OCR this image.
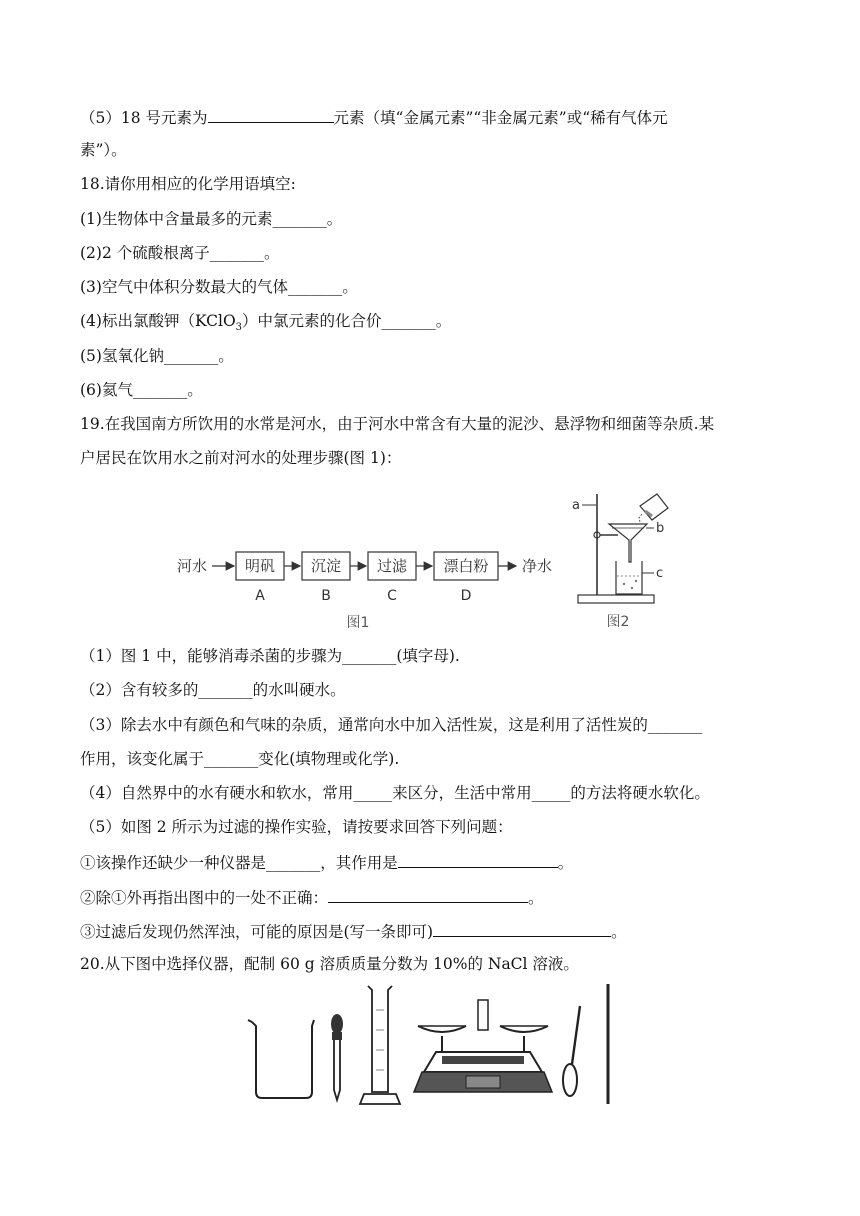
（5）18 号元素为	元素（填“金属元素”“非金属元素”或“稀有气体元
素”）。
18.请你用相应的化学用语填空:
(1)生物体中含量最多的元素_______。
(2)2 个硫酸根离子_______。
(3)空气中体积分数最大的气体_______。
(4)标出氯酸钾（KClO$_3$）中氯元素的化合价_______。
(5)氢氧化钠_______。
(6)氦气_______。
19.在我国南方所饮用的水常是河水，由于河水中常含有大量的泥沙、悬浮物和细菌等杂质.某
户居民在饮用水之前对河水的处理步骤(图 1)：
河水	明矾 沉淀 过滤 漂白粉 净水
A	B	C	D
图1
a
b
c
图2
（1）图 1 中，能够消毒杀菌的步骤为_______(填字母).
（2）含有较多的_______的水叫硬水。
（3）除去水中有颜色和气味的杂质，通常向水中加入活性炭，这是利用了活性炭的_______
作用，该变化属于_______变化(填物理或化学).
（4）自然界中的水有硬水和软水，常用_____来区分，生活中常用_____的方法将硬水软化。
（5）如图 2 所示为过滤的操作实验，请按要求回答下列问题：
①该操作还缺少一种仪器是_______，其作用是	。
②除①外再指出图中的一处不正确：	。
③过滤后发现仍然浑浊，可能的原因是(写一条即可)	。
20.从下图中选择仪器，配制 60 g 溶质质量分数为 10%的 NaCl 溶液。
